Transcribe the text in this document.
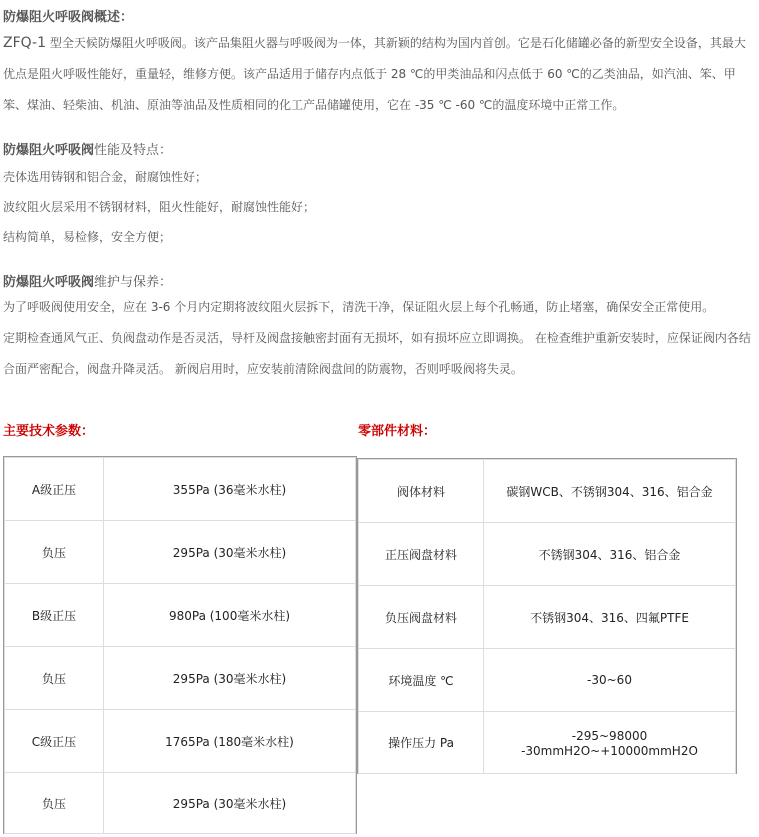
防爆阻火呼吸阀概述：
ZFQ-1 型全天候防爆阻火呼吸阀。该产品集阻火器与呼吸阀为一体，其新颖的结构为国内首创。它是石化储罐必备的新型安全设备，其最大
优点是阻火呼吸性能好，重量轻，维修方便。该产品适用于储存内点低于 28 ℃的甲类油品和闪点低于 60 ℃的乙类油品，如汽油、笨、甲
笨、煤油、轻柴油、机油、原油等油品及性质相同的化工产品储罐使用，它在 -35 ℃ -60 ℃的温度环境中正常工作。
防爆阻火呼吸阀性能及特点：
壳体选用铸钢和铝合金，耐腐蚀性好；
波纹阻火层采用不锈钢材料，阻火性能好，耐腐蚀性能好；
结构简单，易检修，安全方便；
防爆阻火呼吸阀维护与保养：
为了呼吸阀使用安全，应在 3-6 个月内定期将波纹阻火层拆下，清洗干净，保证阻火层上每个孔畅通，防止堵塞，确保安全正常使用。
定期检查通风气正、负阀盘动作是否灵活，导杆及阀盘接触密封面有无损坏，如有损坏应立即调换。 在检查维护重新安装时，应保证阀内各结
合面严密配合，阀盘升降灵活。 新阀启用时，应安装前清除阀盘间的防震物，否则呼吸阀将失灵。
主要技术参数：	零部件材料：
A级正压	355Pa (36毫米水柱)
负压	295Pa (30毫米水柱)
B级正压	980Pa (100毫米水柱)
负压	295Pa (30毫米水柱)
C级正压	1765Pa (180毫米水柱)
负压	295Pa (30毫米水柱)
阀体材料	碳钢WCB、不锈钢304、316、铝合金
正压阀盘材料	不锈钢304、316、铝合金
负压阀盘材料	不锈钢304、316、四氟PTFE
环境温度 ℃	-30~60
操作压力 Pa	-295~98000　 -30mmH2O~+10000mmH2O
